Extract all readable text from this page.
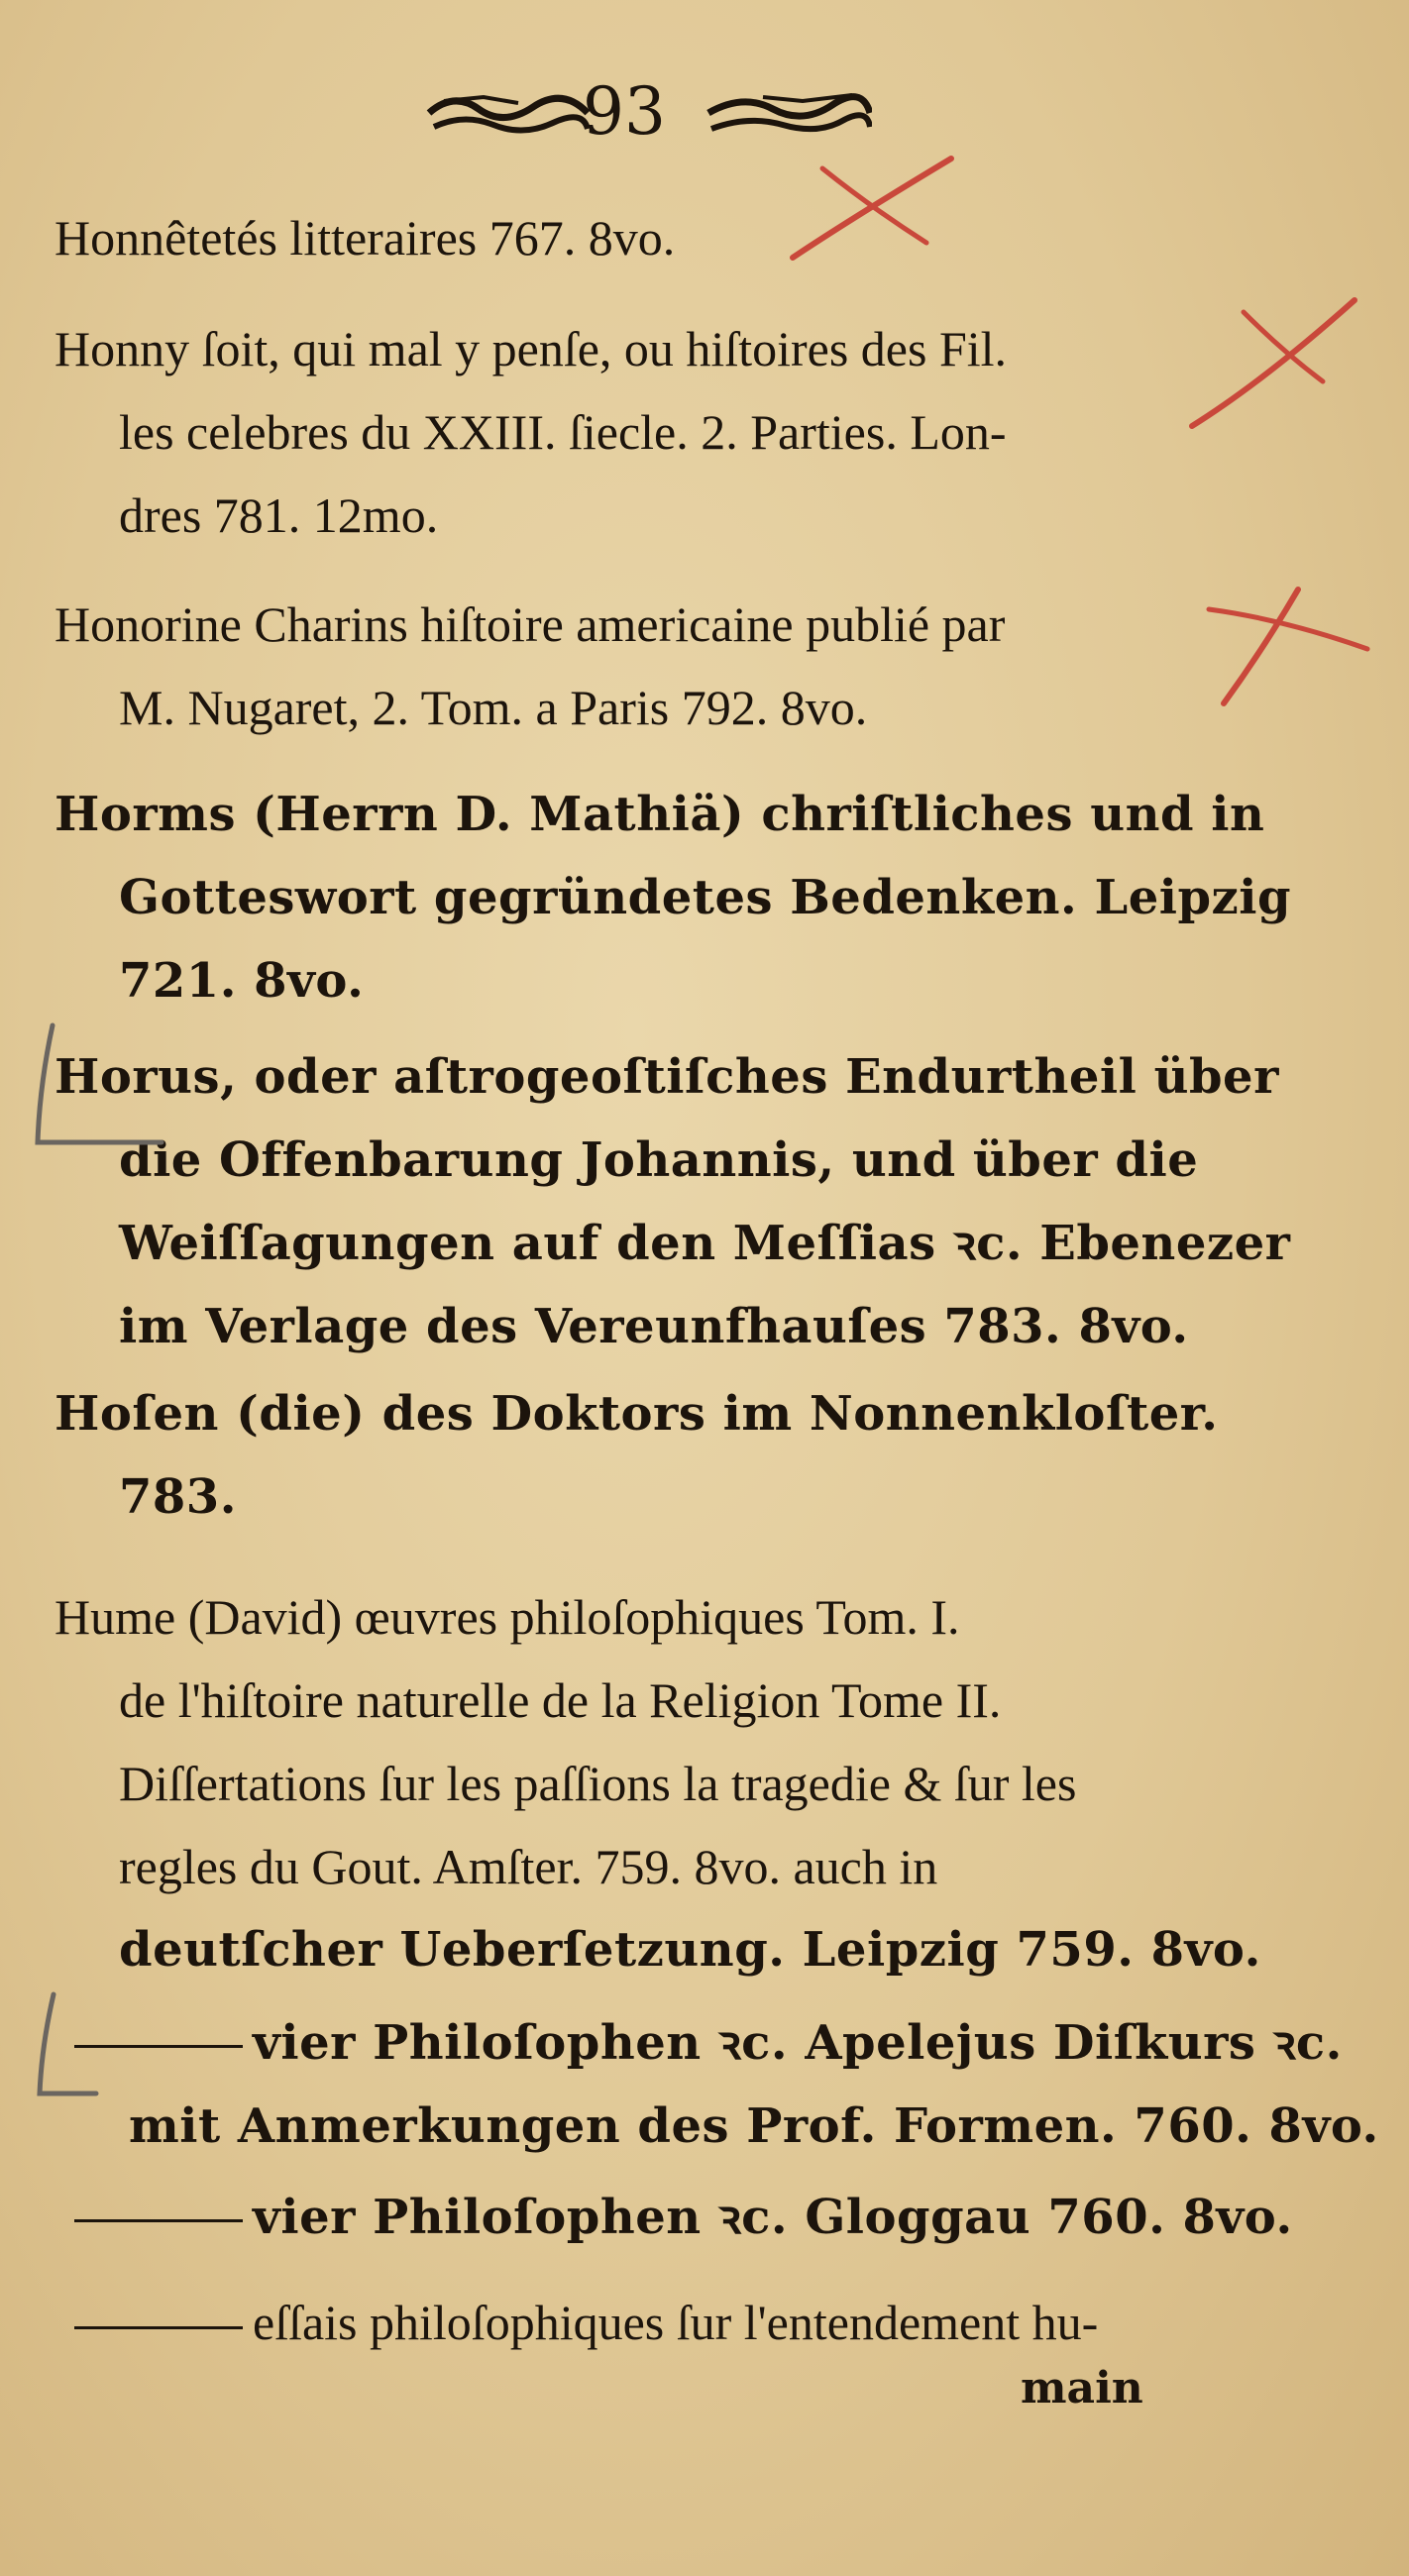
93
Honnêtetés litteraires 767. 8vo.
Honny ſoit, qui mal y penſe, ou hiſtoires des Fil.
les celebres du XXIII. ſiecle. 2. Parties. Lon-
dres 781. 12mo.
Honorine Charins hiſtoire americaine publié par
M. Nugaret, 2. Tom. a Paris 792. 8vo.
Horms (Herrn D. Mathiä) chriſtliches und in
Gotteswort gegründetes Bedenken. Leipzig
721. 8vo.
Horus, oder aſtrogeoſtiſches Endurtheil über
die Offenbarung Johannis, und über die
Weiſſagungen auf den Meſſias ꝛc. Ebenezer
im Verlage des Vereunfhauſes 783. 8vo.
Hoſen (die) des Doktors im Nonnenkloſter.
783.
Hume (David) œuvres philoſophiques Tom. I.
de l'hiſtoire naturelle de la Religion Tome II.
Diſſertations ſur les paſſions la tragedie & ſur les
regles du Gout. Amſter. 759. 8vo. auch in
deutſcher Ueberſetzung. Leipzig 759. 8vo.
vier Philoſophen ꝛc. Apelejus Diſkurs ꝛc.
mit Anmerkungen des Prof. Formen. 760. 8vo.
vier Philoſophen ꝛc. Gloggau 760. 8vo.
eſſais philoſophiques ſur l'entendement hu-
main
